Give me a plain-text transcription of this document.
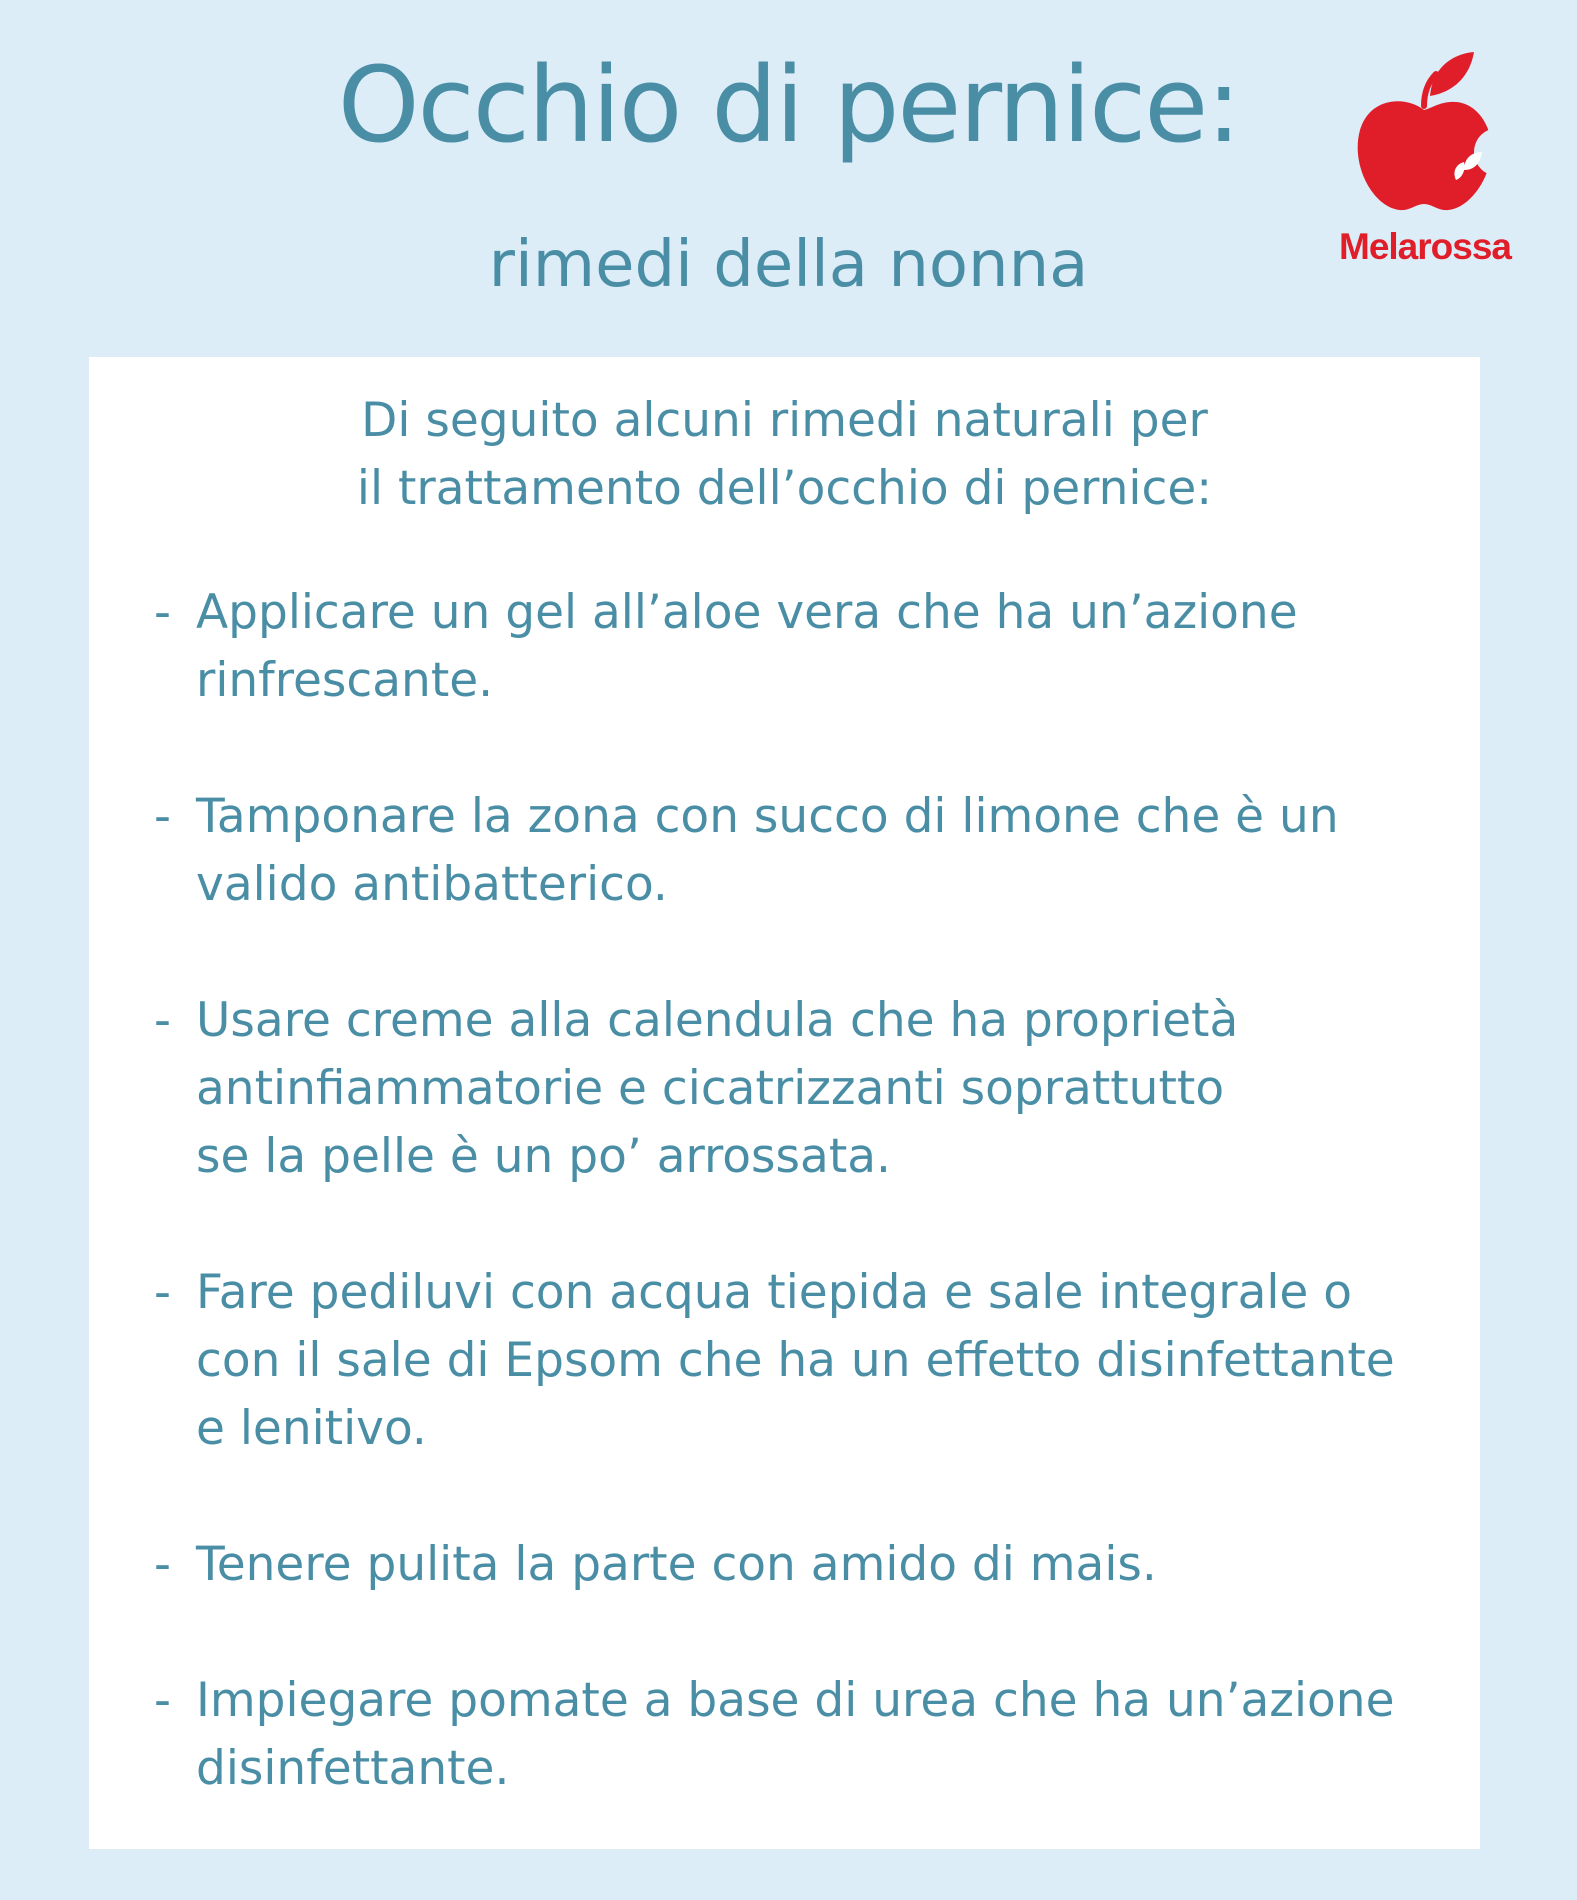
Occhio di pernice:
rimedi della nonna	Melarossa

Di seguito alcuni rimedi naturali per
il trattamento dell’occhio di pernice:

- Applicare un gel all’aloe vera che ha un’azione
rinfrescante.
- Tamponare la zona con succo di limone che è un
valido antibatterico.
- Usare creme alla calendula che ha proprietà
antinfiammatorie e cicatrizzanti soprattutto
se la pelle è un po’ arrossata.
- Fare pediluvi con acqua tiepida e sale integrale o
con il sale di Epsom che ha un effetto disinfettante
e lenitivo.
- Tenere pulita la parte con amido di mais.
- Impiegare pomate a base di urea che ha un’azione
disinfettante.
